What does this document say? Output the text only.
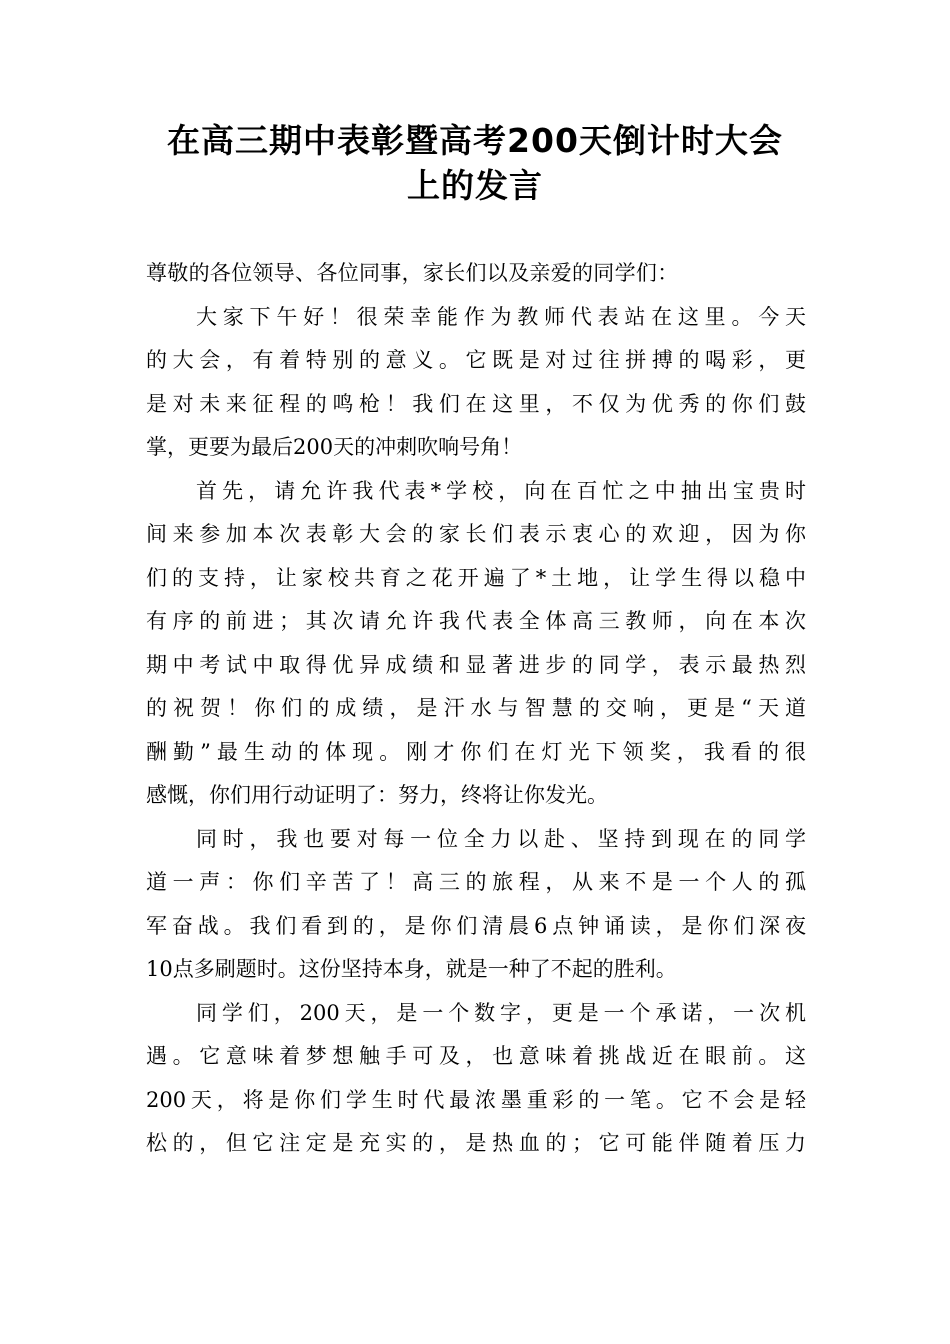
在高三期中表彰暨高考200天倒计时大会
上的发言
尊敬的各位领导、各位同事，家长们以及亲爱的同学们：
大家下午好！很荣幸能作为教师代表站在这里。今天
的大会，有着特别的意义。它既是对过往拼搏的喝彩，更
是对未来征程的鸣枪！我们在这里，不仅为优秀的你们鼓
掌，更要为最后200天的冲刺吹响号角！
首先，请允许我代表*学校，向在百忙之中抽出宝贵时
间来参加本次表彰大会的家长们表示衷心的欢迎，因为你
们的支持，让家校共育之花开遍了*土地，让学生得以稳中
有序的前进；其次请允许我代表全体高三教师，向在本次
期中考试中取得优异成绩和显著进步的同学，表示最热烈
的祝贺！你们的成绩，是汗水与智慧的交响，更是“天道
酬勤”最生动的体现。刚才你们在灯光下领奖，我看的很
感慨，你们用行动证明了：努力，终将让你发光。
同时，我也要对每一位全力以赴、坚持到现在的同学
道一声：你们辛苦了！高三的旅程，从来不是一个人的孤
军奋战。我们看到的，是你们清晨6点钟诵读，是你们深夜
10点多刷题时。这份坚持本身，就是一种了不起的胜利。
同学们，200天，是一个数字，更是一个承诺，一次机
遇。它意味着梦想触手可及，也意味着挑战近在眼前。这
200天，将是你们学生时代最浓墨重彩的一笔。它不会是轻
松的，但它注定是充实的，是热血的；它可能伴随着压力
